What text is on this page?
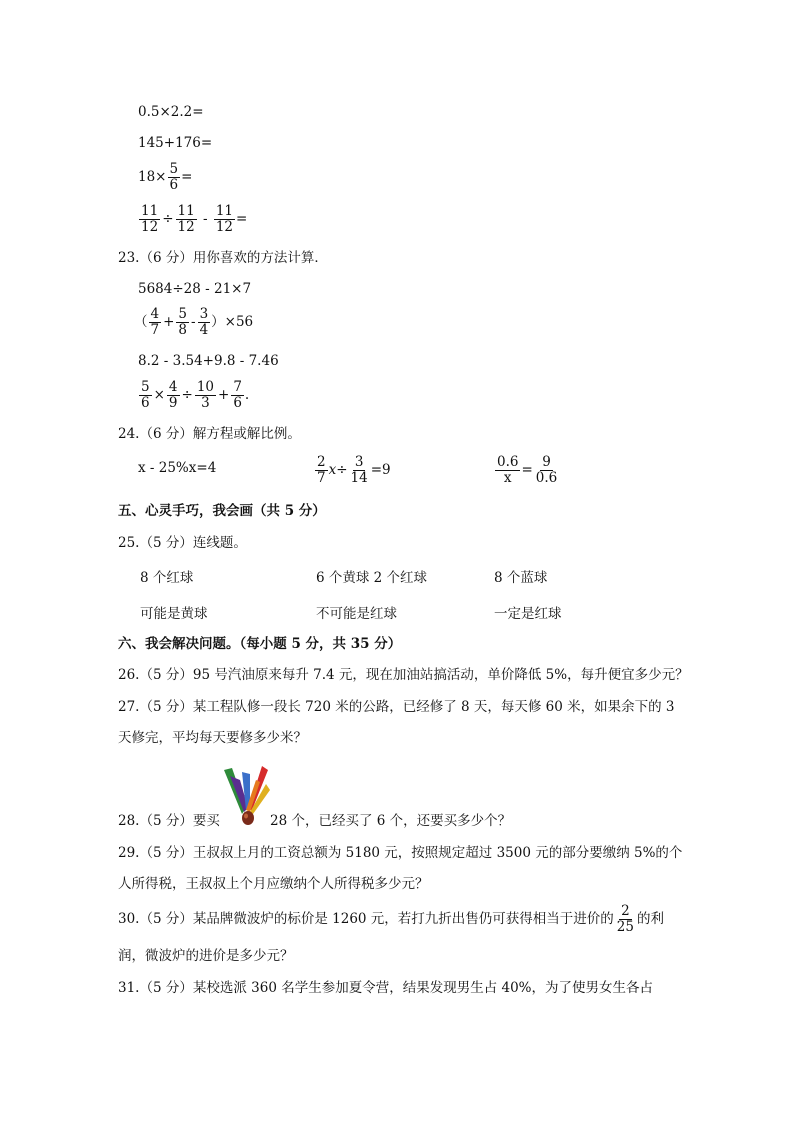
0.5×2.2=
145+176=
$18\times \frac{5}{6}$ =
$\frac{11}{12} \div \frac{11}{12} - \frac{11}{12}$ =
23.（6 分）用你喜欢的方法计算．
5684÷28 - 21×7
（ $\frac{4}{7} + \frac{5}{8} - \frac{3}{4} )\times 56$
8.2 - 3.54+9.8 - 7.46
$\frac{5}{6} \times \frac{4}{9} \div \frac{10}{3} + \frac{7}{6}$ .
24.（6 分）解方程或解比例。
x - 25%x=4	$\frac{2}{7} x\div \frac{3}{14} =9$	$\frac{0.6}{x} = \frac{9}{0.6}$
五、心灵手巧，我会画（共 5 分）
25.（5 分）连线题。
8 个红球	6 个黄球 2 个红球	8 个蓝球
可能是黄球	不可能是红球	一定是红球
六、我会解决问题。（每小题 5 分，共 35 分）
26.（5 分）95 号汽油原来每升 7.4 元，现在加油站搞活动，单价降低 5%，每升便宜多少元？
27.（5 分）某工程队修一段长 720 米的公路，已经修了 8 天，每天修 60 米，如果余下的 3
天修完，平均每天要修多少米？
28.（5 分）要买	28 个，已经买了 6 个，还要买多少个？
29.（5 分）王叔叔上月的工资总额为 5180 元，按照规定超过 3500 元的部分要缴纳 5%的个
人所得税，王叔叔上个月应缴纳个人所得税多少元？
30.（5 分）某品牌微波炉的标价是 1260 元，若打九折出售仍可获得相当于进价的 $\frac{2}{25}$ 的利
润，微波炉的进价是多少元？
31.（5 分）某校选派 360 名学生参加夏令营，结果发现男生占 40%，为了使男女生各占
